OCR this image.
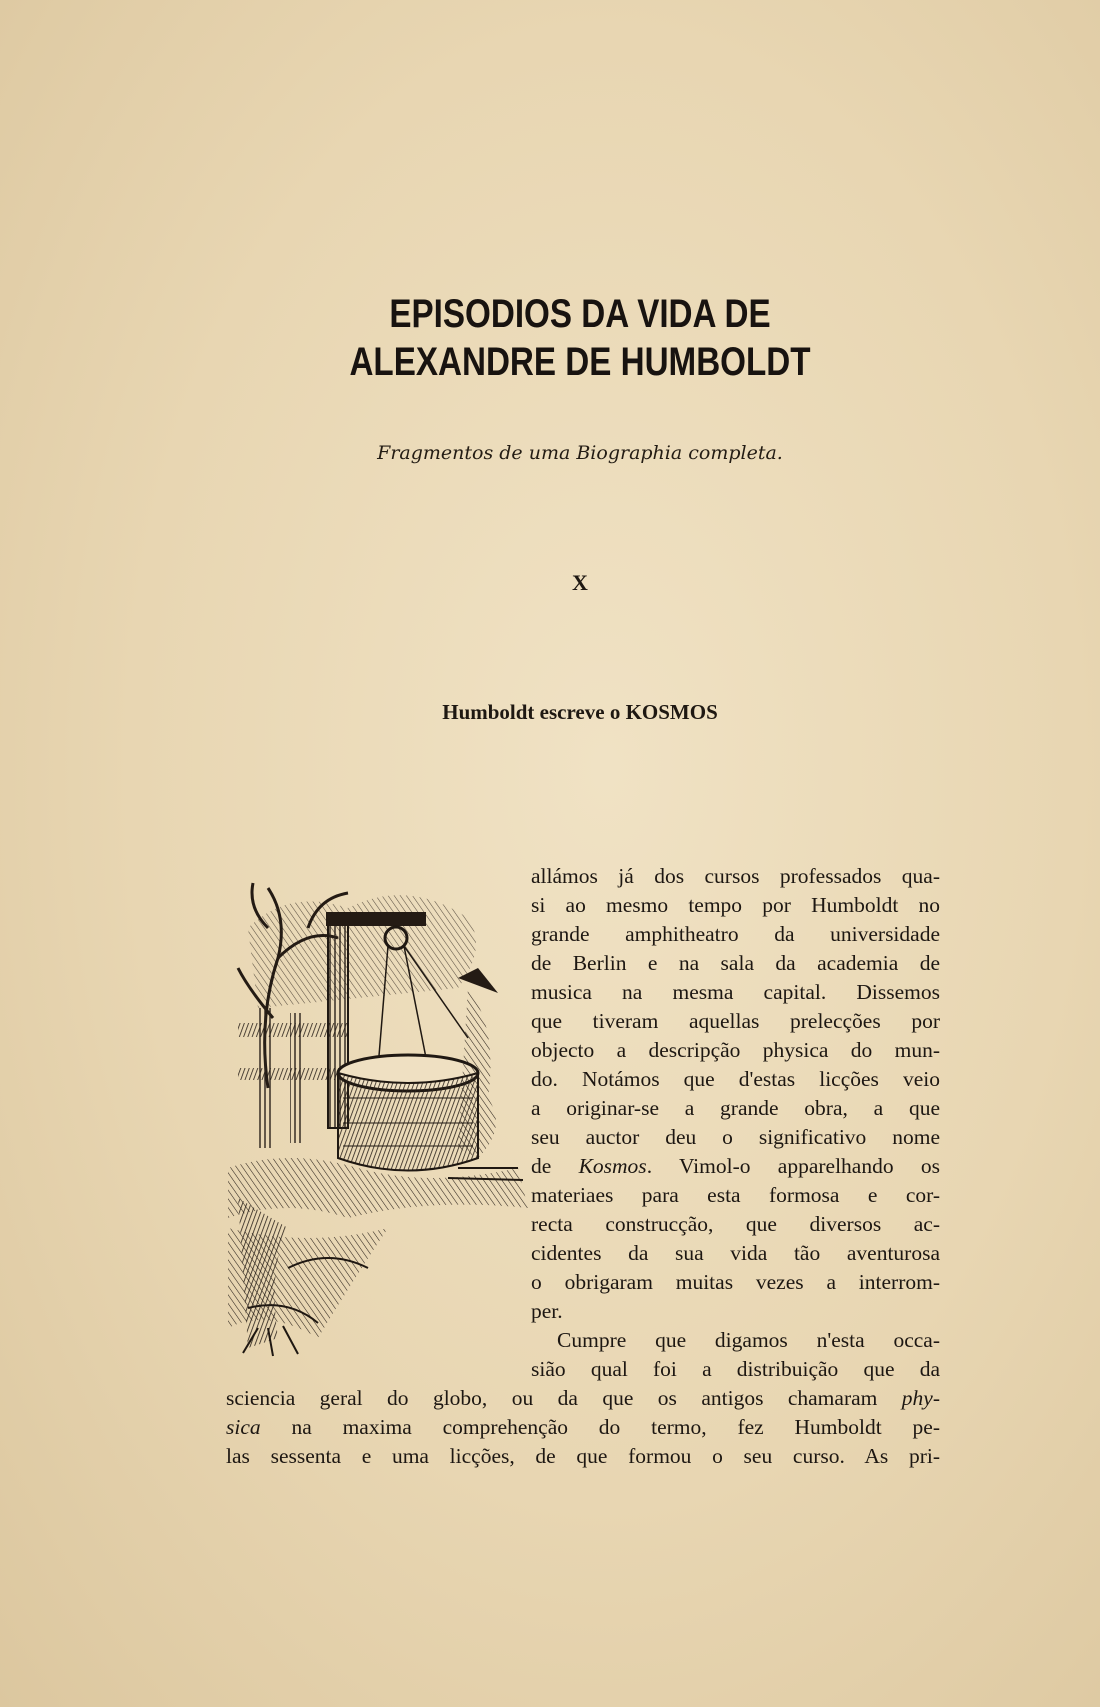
EPISODIOS DA VIDA DE ALEXANDRE DE HUMBOLDT
Fragmentos de uma Biographia completa.
X
Humboldt escreve o KOSMOS
allámos já dos cursos professados qua-
si ao mesmo tempo por Humboldt no
grande amphitheatro da universidade
de Berlin e na sala da academia de
musica na mesma capital. Dissemos
que tiveram aquellas prelecções por
objecto a descripção physica do mun-
do. Notámos que d'estas licções veio
a originar-se a grande obra, a que
seu auctor deu o significativo nome
de Kosmos. Vimol-o apparelhando os
materiaes para esta formosa e cor-
recta construcção, que diversos ac-
cidentes da sua vida tão aventurosa
o obrigaram muitas vezes a interrom-
per.
Cumpre que digamos n'esta occa-
sião qual foi a distribuição que da
sciencia geral do globo, ou da que os antigos chamaram phy-
sica na maxima comprehenção do termo, fez Humboldt pe-
las sessenta e uma licções, de que formou o seu curso. As pri-
